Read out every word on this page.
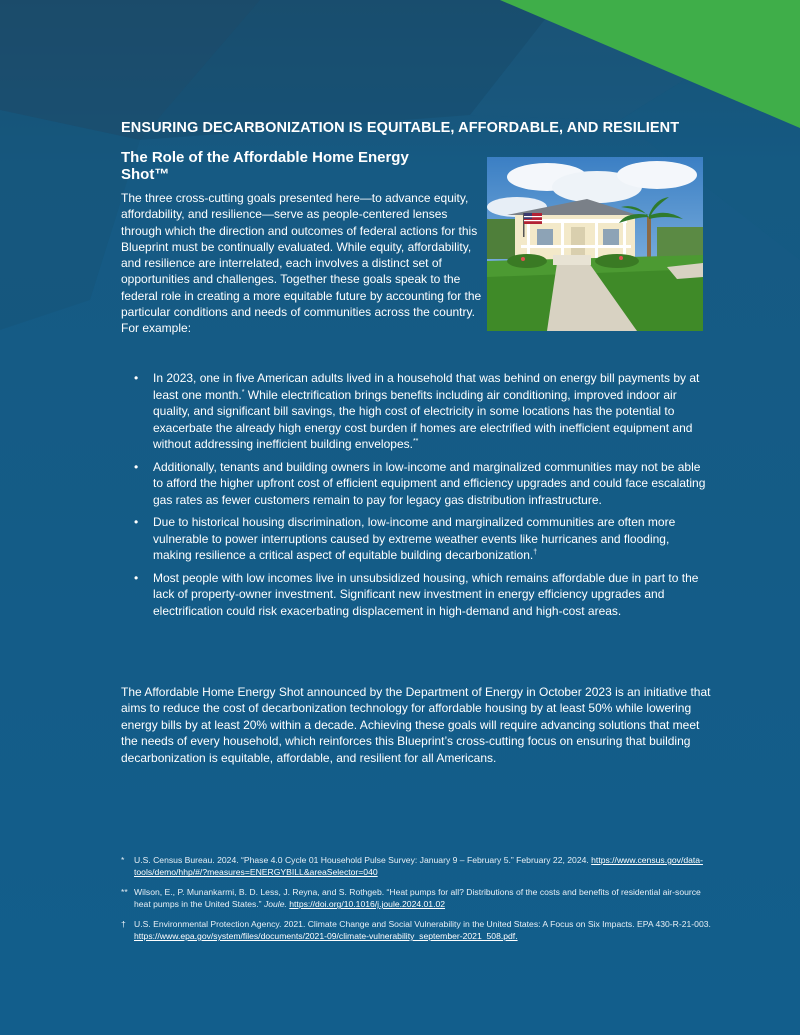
ENSURING DECARBONIZATION IS EQUITABLE, AFFORDABLE, AND RESILIENT
The Role of the Affordable Home Energy Shot™
The three cross-cutting goals presented here—to advance equity, affordability, and resilience—serve as people-centered lenses through which the direction and outcomes of federal actions for this Blueprint must be continually evaluated. While equity, affordability, and resilience are interrelated, each involves a distinct set of opportunities and challenges. Together these goals speak to the federal role in creating a more equitable future by accounting for the particular conditions and needs of communities across the country. For example:
• In 2023, one in five American adults lived in a household that was behind on energy bill payments by at least one month.* While electrification brings benefits including air conditioning, improved indoor air quality, and significant bill savings, the high cost of electricity in some locations has the potential to exacerbate the already high energy cost burden if homes are electrified with inefficient equipment and without addressing inefficient building envelopes.**
• Additionally, tenants and building owners in low-income and marginalized communities may not be able to afford the higher upfront cost of efficient equipment and efficiency upgrades and could face escalating gas rates as fewer customers remain to pay for legacy gas distribution infrastructure.
• Due to historical housing discrimination, low-income and marginalized communities are often more vulnerable to power interruptions caused by extreme weather events like hurricanes and flooding, making resilience a critical aspect of equitable building decarbonization.†
• Most people with low incomes live in unsubsidized housing, which remains affordable due in part to the lack of property-owner investment. Significant new investment in energy efficiency upgrades and electrification could risk exacerbating displacement in high-demand and high-cost areas.
The Affordable Home Energy Shot announced by the Department of Energy in October 2023 is an initiative that aims to reduce the cost of decarbonization technology for affordable housing by at least 50% while lowering energy bills by at least 20% within a decade. Achieving these goals will require advancing solutions that meet the needs of every household, which reinforces this Blueprint’s cross-cutting focus on ensuring that building decarbonization is equitable, affordable, and resilient for all Americans.
* U.S. Census Bureau. 2024. “Phase 4.0 Cycle 01 Household Pulse Survey: January 9 – February 5.” February 22, 2024. https://www.census.gov/data-tools/demo/hhp/#/?measures=ENERGYBILL&areaSelector=040
** Wilson, E., P. Munankarmi, B. D. Less, J. Reyna, and S. Rothgeb. “Heat pumps for all? Distributions of the costs and benefits of residential air-source heat pumps in the United States.” Joule. https://doi.org/10.1016/j.joule.2024.01.02
† U.S. Environmental Protection Agency. 2021. Climate Change and Social Vulnerability in the United States: A Focus on Six Impacts. EPA 430-R-21-003. https://www.epa.gov/system/files/documents/2021-09/climate-vulnerability_september-2021_508.pdf.
